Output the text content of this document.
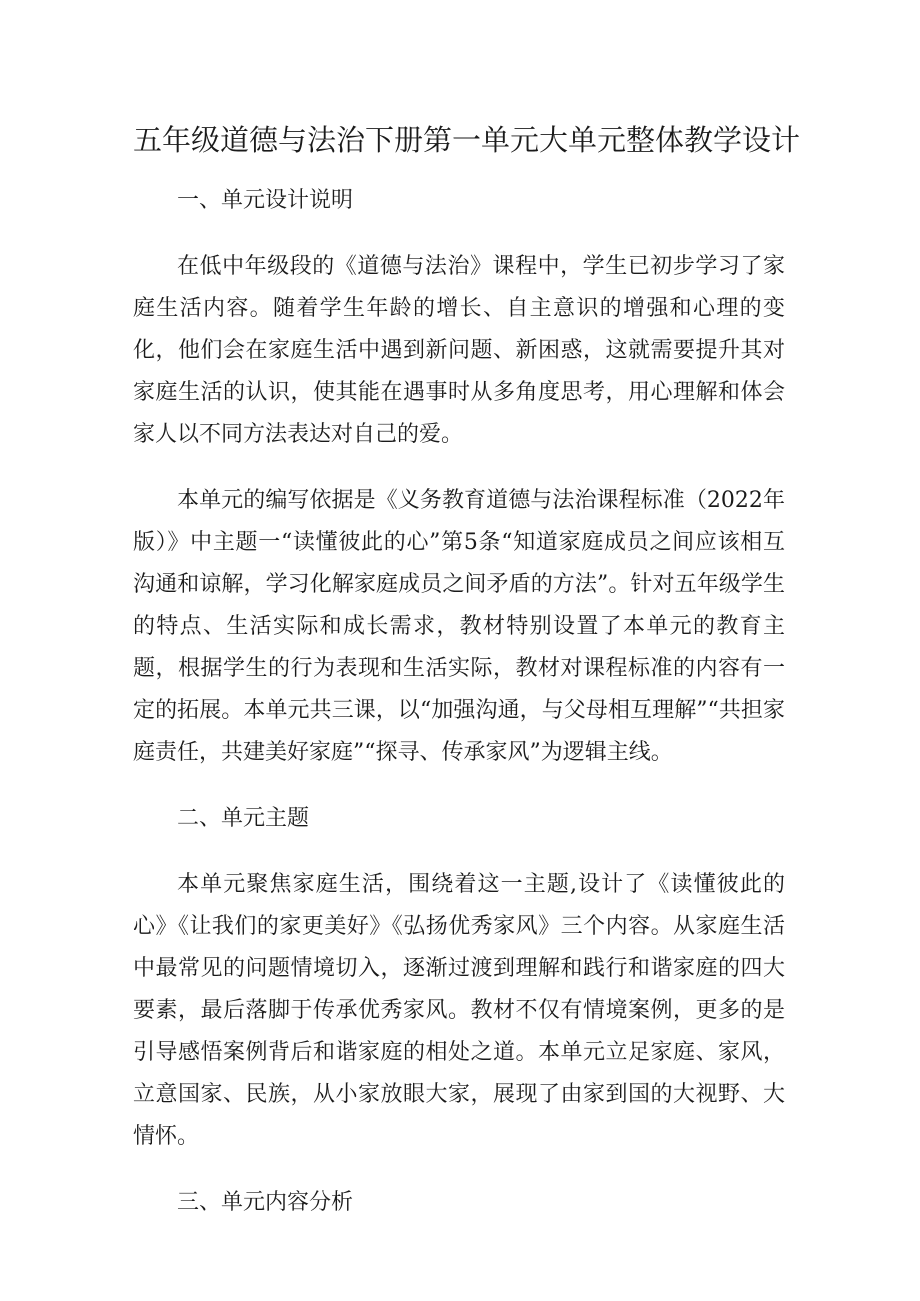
五年级道德与法治下册第一单元大单元整体教学设计

一、单元设计说明

在低中年级段的《道德与法治》课程中，学生已初步学习了家庭生活内容。随着学生年龄的增长、自主意识的增强和心理的变化，他们会在家庭生活中遇到新问题、新困惑，这就需要提升其对家庭生活的认识，使其能在遇事时从多角度思考，用心理解和体会家人以不同方法表达对自己的爱。

本单元的编写依据是《义务教育道德与法治课程标准（2022年版）》中主题一“读懂彼此的心”第5条“知道家庭成员之间应该相互沟通和谅解，学习化解家庭成员之间矛盾的方法”。针对五年级学生的特点、生活实际和成长需求，教材特别设置了本单元的教育主题，根据学生的行为表现和生活实际，教材对课程标准的内容有一定的拓展。本单元共三课，以“加强沟通，与父母相互理解”“共担家庭责任，共建美好家庭”“探寻、传承家风”为逻辑主线。

二、单元主题

本单元聚焦家庭生活，围绕着这一主题,设计了《读懂彼此的心》《让我们的家更美好》《弘扬优秀家风》三个内容。从家庭生活中最常见的问题情境切入，逐渐过渡到理解和践行和谐家庭的四大要素，最后落脚于传承优秀家风。教材不仅有情境案例，更多的是引导感悟案例背后和谐家庭的相处之道。本单元立足家庭、家风，立意国家、民族，从小家放眼大家，展现了由家到国的大视野、大情怀。

三、单元内容分析
